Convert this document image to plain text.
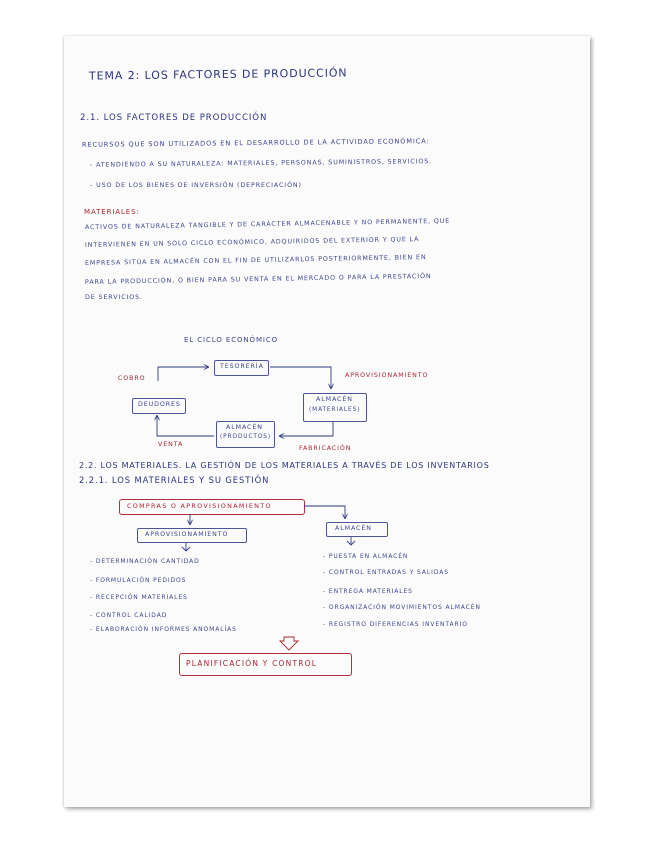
TEMA 2: LOS FACTORES DE PRODUCCIÓN
2.1. LOS FACTORES DE PRODUCCIÓN
RECURSOS QUE SON UTILIZADOS EN EL DESARROLLO DE LA ACTIVIDAD ECONÓMICA:
- ATENDIENDO A SU NATURALEZA: MATERIALES, PERSONAS, SUMINISTROS, SERVICIOS.
- USO DE LOS BIENES DE INVERSIÓN (DEPRECIACIÓN)
MATERIALES:
ACTIVOS DE NATURALEZA TANGIBLE Y DE CARÁCTER ALMACENABLE Y NO PERMANENTE, QUE
INTERVIENEN EN UN SOLO CICLO ECONÓMICO, ADQUIRIDOS DEL EXTERIOR Y QUE LA
EMPRESA SITÚA EN ALMACÉN CON EL FIN DE UTILIZARLOS POSTERIORMENTE, BIEN EN
PARA LA PRODUCCIÓN, O BIEN PARA SU VENTA EN EL MERCADO O PARA LA PRESTACIÓN
DE SERVICIOS.
EL CICLO ECONÓMICO
TESORERÍA
DEUDORES
ALMACÉN
(MATERIALES)
ALMACÉN
(PRODUCTOS)
COBRO	APROVISIONAMIENTO
VENTA
FABRICACIÓN
2.2. LOS MATERIALES. LA GESTIÓN DE LOS MATERIALES A TRAVÉS DE LOS INVENTARIOS
2.2.1. LOS MATERIALES Y SU GESTIÓN
COMPRAS O APROVISIONAMIENTO
APROVISIONAMIENTO
ALMACÉN
- DETERMINACIÓN CANTIDAD
- FORMULACIÓN PEDIDOS
- RECEPCIÓN MATERIALES
- CONTROL CALIDAD
- ELABORACIÓN INFORMES ANOMALÍAS
- PUESTA EN ALMACÉN
- CONTROL ENTRADAS Y SALIDAS
- ENTREGA MATERIALES
- ORGANIZACIÓN MOVIMIENTOS ALMACÉN
- REGISTRO DIFERENCIAS INVENTARIO
PLANIFICACIÓN Y CONTROL
